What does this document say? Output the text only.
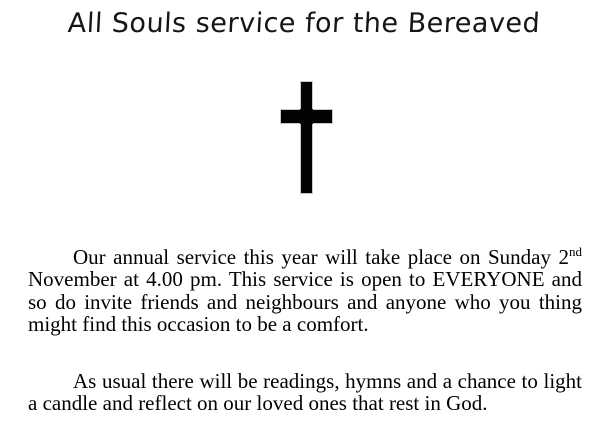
All Souls service for the Bereaved

Our annual service this year will take place on Sunday 2nd November at 4.00 pm. This service is open to EVERYONE and so do invite friends and neighbours and anyone who you thing might find this occasion to be a comfort.

As usual there will be readings, hymns and a chance to light a candle and reflect on our loved ones that rest in God.
